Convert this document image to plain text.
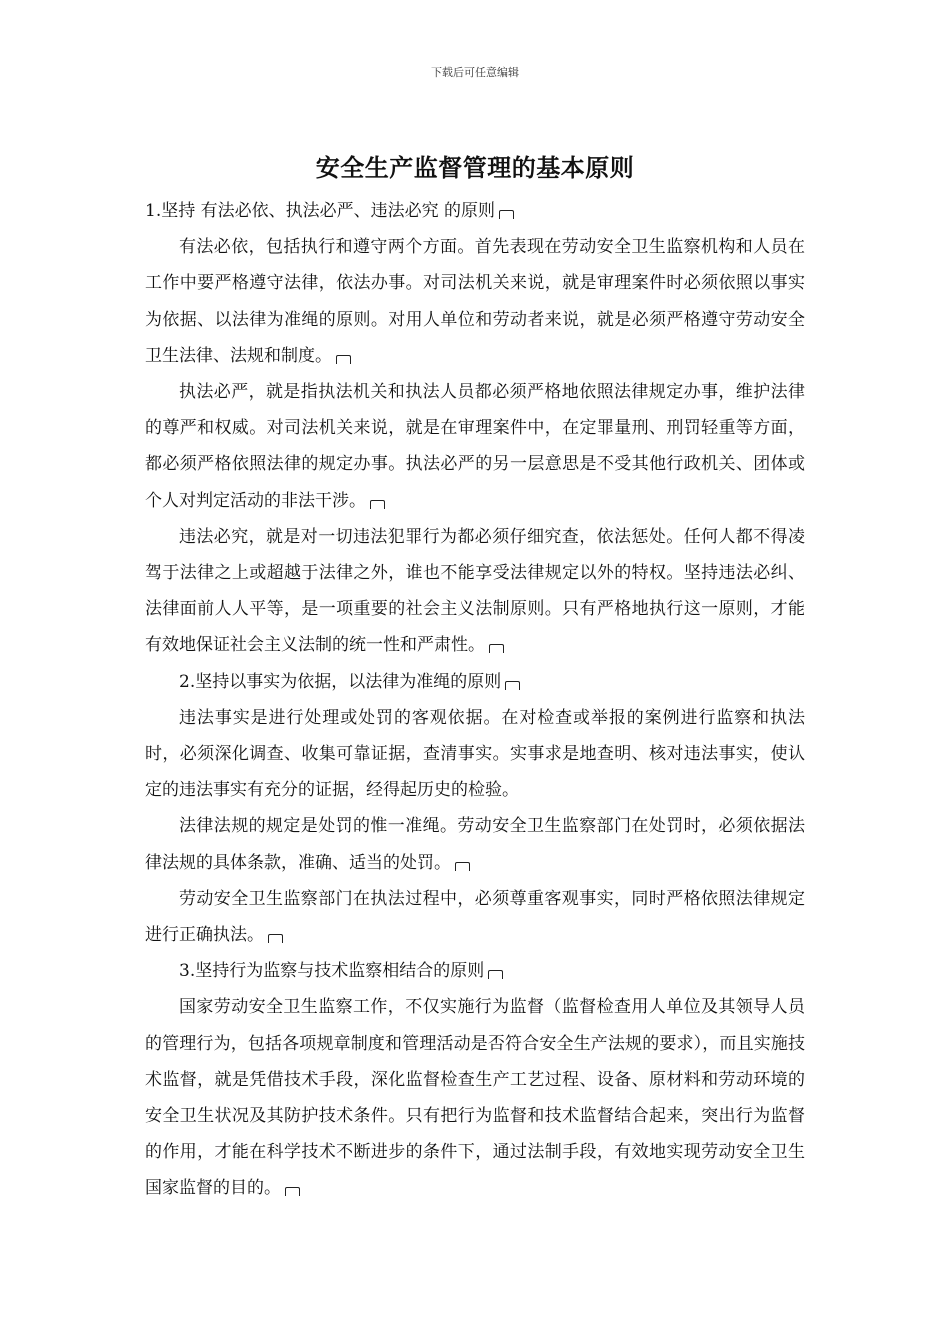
下载后可任意编辑
安全生产监督管理的基本原则

1.坚持 有法必依、执法必严、违法必究 的原则

有法必依，包括执行和遵守两个方面。首先表现在劳动安全卫生监察机构和人员在工作中要严格遵守法律，依法办事。对司法机关来说，就是审理案件时必须依照以事实为依据、以法律为准绳的原则。对用人单位和劳动者来说，就是必须严格遵守劳动安全卫生法律、法规和制度。

执法必严，就是指执法机关和执法人员都必须严格地依照法律规定办事，维护法律的尊严和权威。对司法机关来说，就是在审理案件中，在定罪量刑、刑罚轻重等方面，都必须严格依照法律的规定办事。执法必严的另一层意思是不受其他行政机关、团体或个人对判定活动的非法干涉。

违法必究，就是对一切违法犯罪行为都必须仔细究查，依法惩处。任何人都不得凌驾于法律之上或超越于法律之外，谁也不能享受法律规定以外的特权。坚持违法必纠、法律面前人人平等，是一项重要的社会主义法制原则。只有严格地执行这一原则，才能有效地保证社会主义法制的统一性和严肃性。

2.坚持以事实为依据，以法律为准绳的原则

违法事实是进行处理或处罚的客观依据。在对检查或举报的案例进行监察和执法时，必须深化调查、收集可靠证据，查清事实。实事求是地查明、核对违法事实，使认定的违法事实有充分的证据，经得起历史的检验。

法律法规的规定是处罚的惟一准绳。劳动安全卫生监察部门在处罚时，必须依据法律法规的具体条款，准确、适当的处罚。

劳动安全卫生监察部门在执法过程中，必须尊重客观事实，同时严格依照法律规定进行正确执法。

3.坚持行为监察与技术监察相结合的原则

国家劳动安全卫生监察工作，不仅实施行为监督（监督检查用人单位及其领导人员的管理行为，包括各项规章制度和管理活动是否符合安全生产法规的要求），而且实施技术监督，就是凭借技术手段，深化监督检查生产工艺过程、设备、原材料和劳动环境的安全卫生状况及其防护技术条件。只有把行为监督和技术监督结合起来，突出行为监督的作用，才能在科学技术不断进步的条件下，通过法制手段，有效地实现劳动安全卫生国家监督的目的。
